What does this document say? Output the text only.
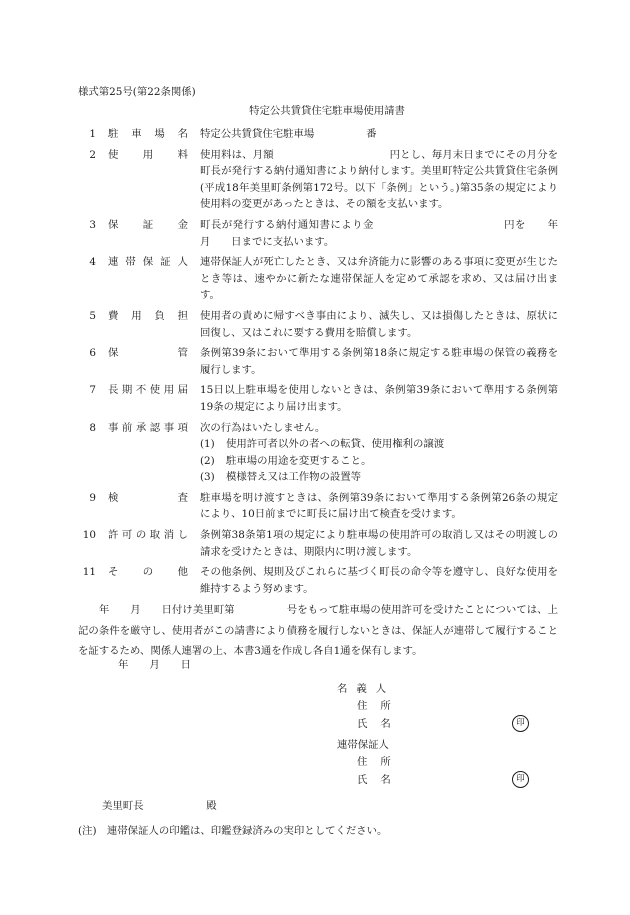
様式第25号(第22条関係)
特定公共賃貸住宅駐車場使用請書
1 駐 車 場 名 特定公共賃貸住宅駐車場　　　　　番
2 使 用 料 使用料は、月額　　　　　　　　　　　円とし、毎月末日までにその月分を町長が発行する納付通知書により納付します。美里町特定公共賃貸住宅条例(平成18年美里町条例第172号。以下「条例」という。)第35条の規定により使用料の変更があったときは、その額を支払います。
3 保 証 金 町長が発行する納付通知書により金　　　　　　　　　　　　円を　　年　　月　　日までに支払います。
4 連 帯 保 証 人 連帯保証人が死亡したとき、又は弁済能力に影響のある事項に変更が生じたとき等は、速やかに新たな連帯保証人を定めて承認を求め、又は届け出ます。
5 費 用 負 担 使用者の責めに帰すべき事由により、滅失し、又は損傷したときは、原状に回復し、又はこれに要する費用を賠償します。
6 保	管 条例第39条において準用する条例第18条に規定する駐車場の保管の義務を履行します。
7 長 期 不 使 用 届 15日以上駐車場を使用しないときは、条例第39条において準用する条例第19条の規定により届け出ます。
8 事 前 承 認 事 項 次の行為はいたしません。
(1)	使用許可者以外の者への転貸、使用権利の譲渡
(2)	駐車場の用途を変更すること。
(3)	模様替え又は工作物の設置等
9 検	査 駐車場を明け渡すときは、条例第39条において準用する条例第26条の規定により、10日前までに町長に届け出て検査を受けます。
10 許 可 の 取 消 し 条例第38条第1項の規定により駐車場の使用許可の取消し又はその明渡しの請求を受けたときは、期限内に明け渡します。
11 そ の 他 その他条例、規則及びこれらに基づく町長の命令等を遵守し、良好な使用を維持するよう努めます。
　　年　　月　　日付け美里町第　　　　　号をもって駐車場の使用許可を受けたことについては、上記の条件を厳守し、使用者がこの請書により債務を履行しないときは、保証人が連帯して履行することを証するため、関係人連署の上、本書3通を作成し各自1通を保有します。
年 月 日
名義人
住所
氏名	印
連帯保証人
住所
氏名	印
美里町長	殿
(注)　連帯保証人の印鑑は、印鑑登録済みの実印としてください。
